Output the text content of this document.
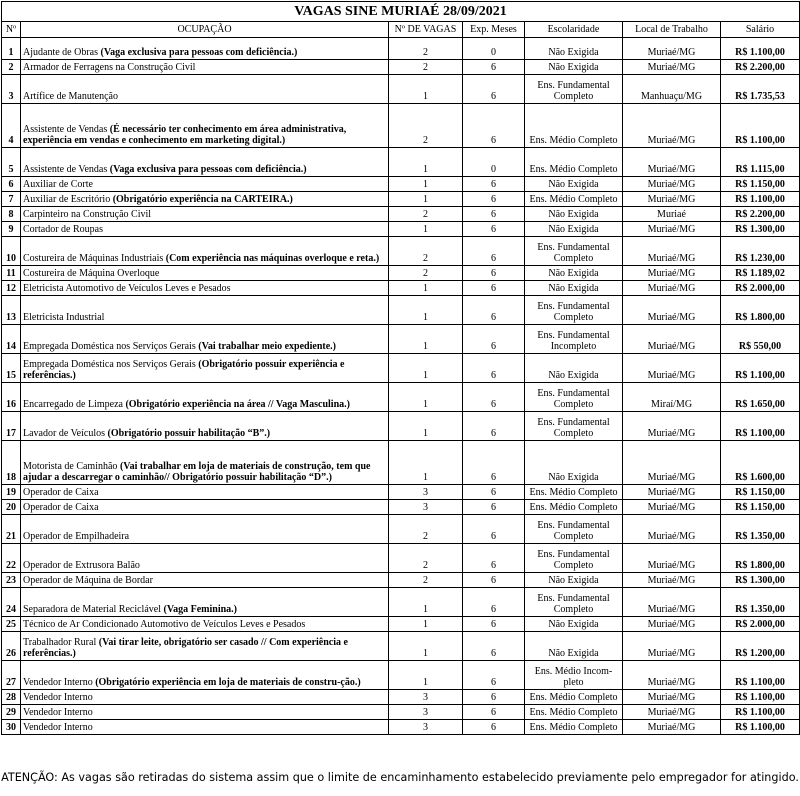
VAGAS SINE MURIAÉ 28/09/2021						
Nº	OCUPAÇÃO	Nº DE VAGAS	Exp. Meses	Escolaridade	Local de Trabalho	Salário
1	Ajudante de Obras (Vaga exclusiva para pessoas com deficiência.)	2	0	Não Exigida	Muriaé/MG	R$ 1.100,00
2	Armador de Ferragens na Construção Civil	2	6	Não Exigida	Muriaé/MG	R$ 2.200,00
3	Artífice de Manutenção	1	6	Ens. Fundamental Completo	Manhuaçu/MG	R$ 1.735,53
4	Assistente de Vendas (É necessário ter conhecimento em área administrativa, experiência em vendas e conhecimento em marketing digital.)	2	6	Ens. Médio Completo	Muriaé/MG	R$ 1.100,00
5	Assistente de Vendas (Vaga exclusiva para pessoas com deficiência.)	1	0	Ens. Médio Completo	Muriaé/MG	R$ 1.115,00
6	Auxiliar de Corte	1	6	Não Exigida	Muriaé/MG	R$ 1.150,00
7	Auxiliar de Escritório (Obrigatório experiência na CARTEIRA.)	1	6	Ens. Médio Completo	Muriaé/MG	R$ 1.100,00
8	Carpinteiro na Construção Civil	2	6	Não Exigida	Muriaé	R$ 2.200,00
9	Cortador de Roupas	1	6	Não Exigida	Muriaé/MG	R$ 1.300,00
10	Costureira de Máquinas Industriais (Com experiência nas máquinas overloque e reta.)	2	6	Ens. Fundamental Completo	Muriaé/MG	R$ 1.230,00
11	Costureira de Máquina Overloque	2	6	Não Exigida	Muriaé/MG	R$ 1.189,02
12	Eletricista Automotivo de Veículos Leves e Pesados	1	6	Não Exigida	Muriaé/MG	R$ 2.000,00
13	Eletricista Industrial	1	6	Ens. Fundamental Completo	Muriaé/MG	R$ 1.800,00
14	Empregada Doméstica nos Serviços Gerais (Vai trabalhar meio expediente.)	1	6	Ens. Fundamental Incompleto	Muriaé/MG	R$ 550,00
15	Empregada Doméstica nos Serviços Gerais (Obrigatório possuir experiência e referências.)	1	6	Não Exigida	Muriaé/MG	R$ 1.100,00
16	Encarregado de Limpeza (Obrigatório experiência na área // Vaga Masculina.)	1	6	Ens. Fundamental Completo	Miraí/MG	R$ 1.650,00
17	Lavador de Veículos (Obrigatório possuir habilitação “B”.)	1	6	Ens. Fundamental Completo	Muriaé/MG	R$ 1.100,00
18	Motorista de Caminhão (Vai trabalhar em loja de materiais de construção, tem que ajudar a descarregar o caminhão// Obrigatório possuir habilitação “D”.)	1	6	Não Exigida	Muriaé/MG	R$ 1.600,00
19	Operador de Caixa	3	6	Ens. Médio Completo	Muriaé/MG	R$ 1.150,00
20	Operador de Caixa	3	6	Ens. Médio Completo	Muriaé/MG	R$ 1.150,00
21	Operador de Empilhadeira	2	6	Ens. Fundamental Completo	Muriaé/MG	R$ 1.350,00
22	Operador de Extrusora Balão	2	6	Ens. Fundamental Completo	Muriaé/MG	R$ 1.800,00
23	Operador de Máquina de Bordar	2	6	Não Exigida	Muriaé/MG	R$ 1.300,00
24	Separadora de Material Reciclável (Vaga Feminina.)	1	6	Ens. Fundamental Completo	Muriaé/MG	R$ 1.350,00
25	Técnico de Ar Condicionado Automotivo de Veículos Leves e Pesados	1	6	Não Exigida	Muriaé/MG	R$ 2.000,00
26	Trabalhador Rural (Vai tirar leite, obrigatório ser casado // Com experiência e referências.)	1	6	Não Exigida	Muriaé/MG	R$ 1.200,00
27	Vendedor Interno (Obrigatório experiência em loja de materiais de constru-ção.)	1	6	Ens. Médio Incom-pleto	Muriaé/MG	R$ 1.100,00
28	Vendedor Interno	3	6	Ens. Médio Completo	Muriaé/MG	R$ 1.100,00
29	Vendedor Interno	3	6	Ens. Médio Completo	Muriaé/MG	R$ 1.100,00
30	Vendedor Interno	3	6	Ens. Médio Completo	Muriaé/MG	R$ 1.100,00
ATENÇÃO: As vagas são retiradas do sistema assim que o limite de encaminhamento estabelecido previamente pelo empregador for atingido.
